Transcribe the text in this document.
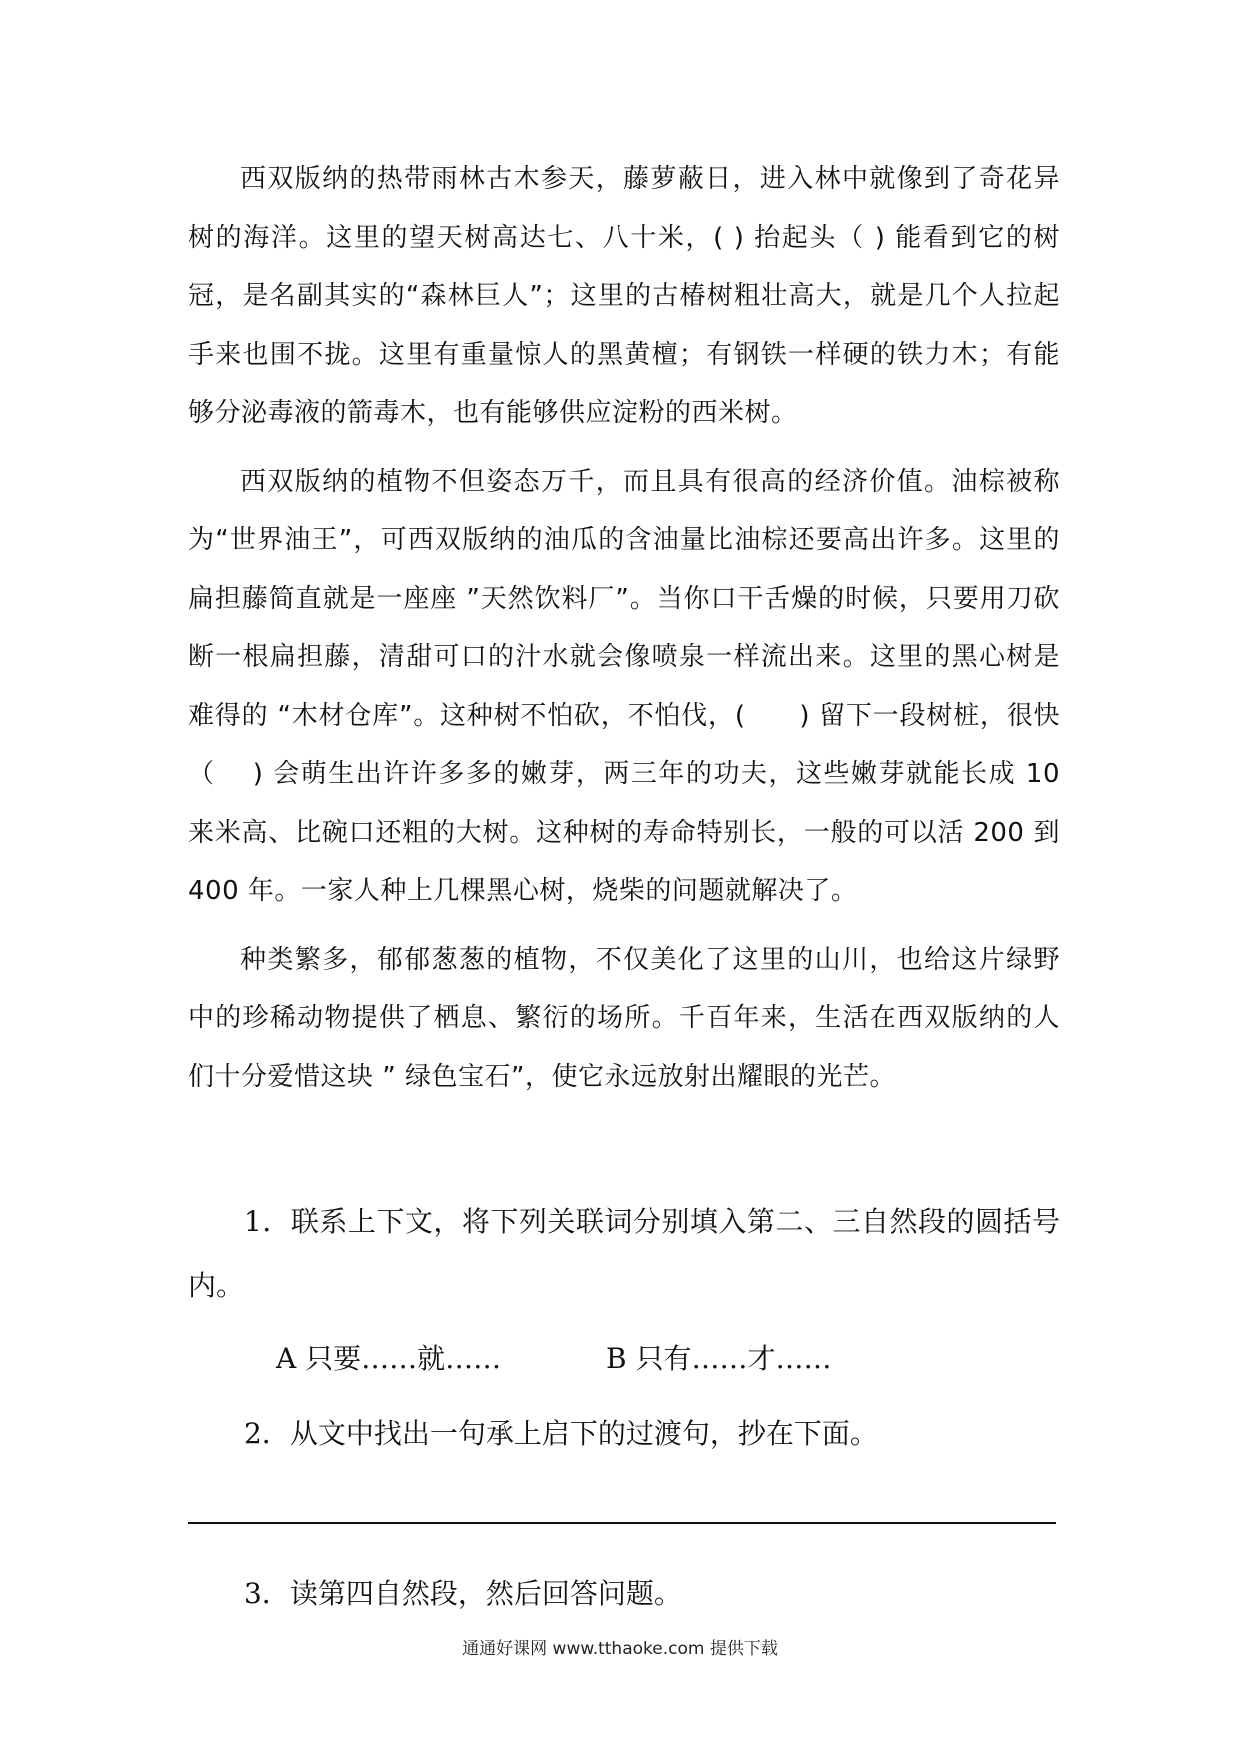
西双版纳的热带雨林古木参天，藤萝蔽日，进入林中就像到了奇花异树的海洋。这里的望天树高达七、八十米，( ) 抬起头（ ) 能看到它的树冠，是名副其实的“森林巨人”；这里的古椿树粗壮高大，就是几个人拉起手来也围不拢。这里有重量惊人的黑黄檀；有钢铁一样硬的铁力木；有能够分泌毒液的箭毒木，也有能够供应淀粉的西米树。

西双版纳的植物不但姿态万千，而且具有很高的经济价值。油棕被称为“世界油王”，可西双版纳的油瓜的含油量比油棕还要高出许多。这里的扁担藤简直就是一座座 ”天然饮料厂”。当你口干舌燥的时候，只要用刀砍断一根扁担藤，清甜可口的汁水就会像喷泉一样流出来。这里的黑心树是难得的 “木材仓库”。这种树不怕砍，不怕伐，(　　) 留下一段树桩，很快（　 ) 会萌生出许许多多的嫩芽，两三年的功夫，这些嫩芽就能长成 10 来米高、比碗口还粗的大树。这种树的寿命特别长，一般的可以活 200 到 400 年。一家人种上几棵黑心树，烧柴的问题就解决了。

种类繁多，郁郁葱葱的植物，不仅美化了这里的山川，也给这片绿野中的珍稀动物提供了栖息、繁衍的场所。千百年来，生活在西双版纳的人们十分爱惜这块 ” 绿色宝石”，使它永远放射出耀眼的光芒。

1．联系上下文，将下列关联词分别填入第二、三自然段的圆括号内。

A 只要……就……	B 只有……才……

2．从文中找出一句承上启下的过渡句，抄在下面。

3．读第四自然段，然后回答问题。

通通好课网 www.tthaoke.com 提供下载
